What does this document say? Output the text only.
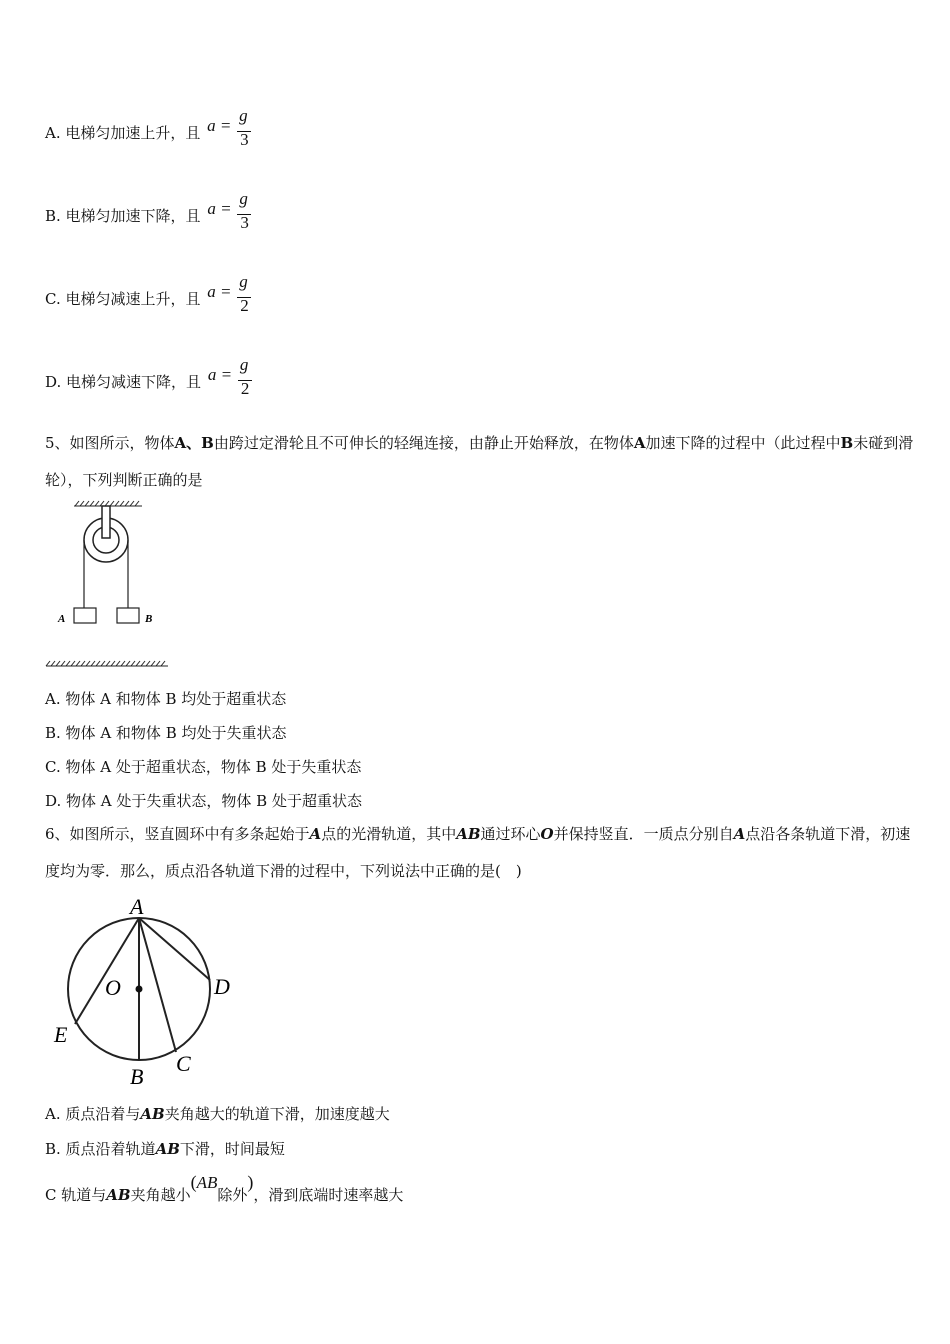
A. 电梯匀加速上升，且 a =
g
3
B. 电梯匀加速下降，且 a =
g
3
C. 电梯匀减速上升，且 a =
g
2
D. 电梯匀减速下降，且 a =
g
2
5、如图所示，物体A、B由跨过定滑轮且不可伸长的轻绳连接，由静止开始释放，在物体A加速下降的过程中（此过程中B未碰到滑轮），下列判断正确的是
A	B
A. 物体 A 和物体 B 均处于超重状态
B. 物体 A 和物体 B 均处于失重状态
C. 物体 A 处于超重状态，物体 B 处于失重状态
D. 物体 A 处于失重状态，物体 B 处于超重状态
6、如图所示，竖直圆环中有多条起始于A点的光滑轨道，其中AB通过环心O并保持竖直．一质点分别自A点沿各条轨道下滑，初速度均为零．那么，质点沿各轨道下滑的过程中，下列说法中正确的是(　)
A
O	D
E
B
C
A. 质点沿着与AB夹角越大的轨道下滑，加速度越大
B. 质点沿着轨道AB下滑，时间最短
C 轨道与AB夹角越小(AB除外)，滑到底端时速率越大
